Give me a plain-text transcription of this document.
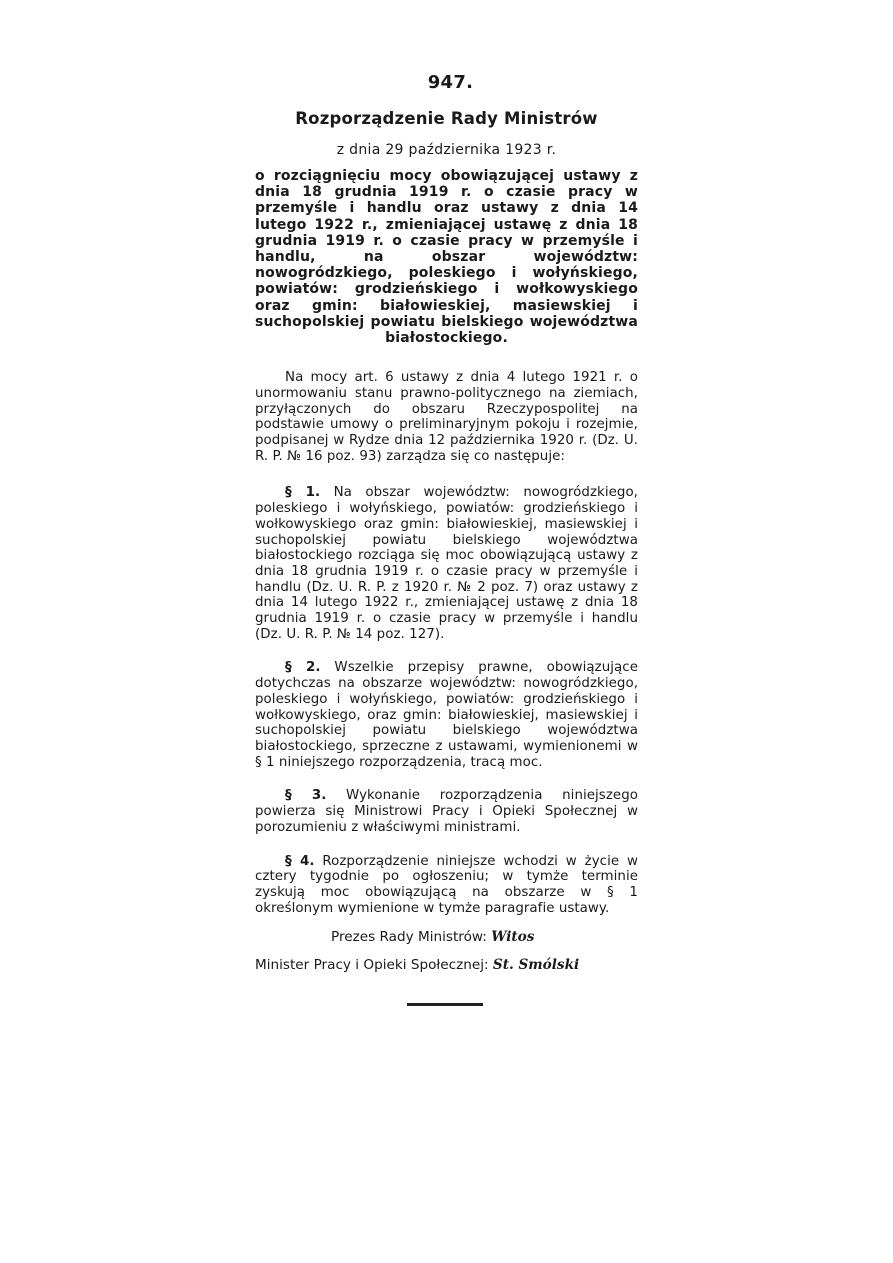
947.
Rozporządzenie Rady Ministrów
z dnia 29 października 1923 r.
o rozciągnięciu mocy obowiązującej ustawy z dnia 18 grudnia 1919 r. o czasie pracy w przemyśle i handlu oraz ustawy z dnia 14 lutego 1922 r., zmieniającej ustawę z dnia 18 grudnia 1919 r. o czasie pracy w przemyśle i handlu, na obszar województw: nowogródzkiego, poleskiego i wołyńskiego, powiatów: grodzieńskiego i wołkowyskiego oraz gmin: białowieskiej, masiewskiej i suchopolskiej powiatu bielskiego województwa białostockiego.
Na mocy art. 6 ustawy z dnia 4 lutego 1921 r. o unormowaniu stanu prawno-politycznego na ziemiach, przyłączonych do obszaru Rzeczypospolitej na podstawie umowy o preliminaryjnym pokoju i rozejmie, podpisanej w Rydze dnia 12 października 1920 r. (Dz. U. R. P. № 16 poz. 93) zarządza się co następuje:
§ 1. Na obszar województw: nowogródzkiego, poleskiego i wołyńskiego, powiatów: grodzieńskiego i wołkowyskiego oraz gmin: białowieskiej, masiewskiej i suchopolskiej powiatu bielskiego województwa białostockiego rozciąga się moc obowiązującą ustawy z dnia 18 grudnia 1919 r. o czasie pracy w przemyśle i handlu (Dz. U. R. P. z 1920 r. № 2 poz. 7) oraz ustawy z dnia 14 lutego 1922 r., zmieniającej ustawę z dnia 18 grudnia 1919 r. o czasie pracy w przemyśle i handlu (Dz. U. R. P. № 14 poz. 127).
§ 2. Wszelkie przepisy prawne, obowiązujące dotychczas na obszarze województw: nowogródzkiego, poleskiego i wołyńskiego, powiatów: grodzieńskiego i wołkowyskiego, oraz gmin: białowieskiej, masiewskiej i suchopolskiej powiatu bielskiego województwa białostockiego, sprzeczne z ustawami, wymienionemi w § 1 niniejszego rozporządzenia, tracą moc.
§ 3. Wykonanie rozporządzenia niniejszego powierza się Ministrowi Pracy i Opieki Społecznej w porozumieniu z właściwymi ministrami.
§ 4. Rozporządzenie niniejsze wchodzi w życie w cztery tygodnie po ogłoszeniu; w tymże terminie zyskują moc obowiązującą na obszarze w § 1 określonym wymienione w tymże paragrafie ustawy.
Prezes Rady Ministrów: Witos
Minister Pracy i Opieki Społecznej: St. Smólski
